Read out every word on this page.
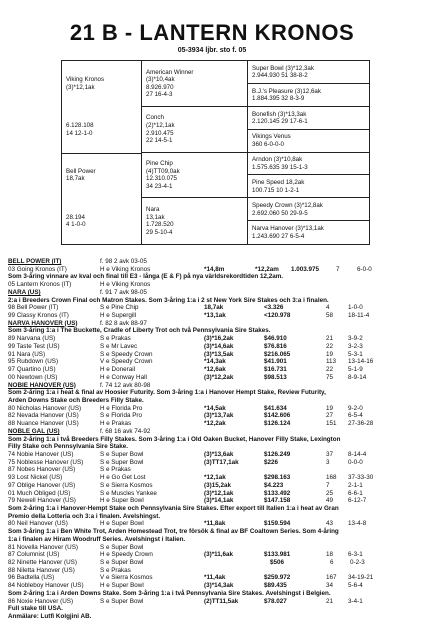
21 B - LANTERN KRONOS
05-3934 ljbr. sto f. 05
Viking Kronos
(3)*12,1ak
6.128.108
14 12-1-0
Bell Power
18,7ak
28.194
4 1-0-0
American Winner
(3)*10,4ak
8.926.970
27 16-4-3
Conch
(2)*12,1ak
2.910.475
22 14-5-1
Pine Chip
(4)TT09,0ak
12.310.075
34 23-4-1
Nara
13,1ak
1.728.520
29 5-10-4
Super Bowl (3)*12,3ak
2.944.930 51 38-8-2
B.J.'s Pleasure (3)12,6ak
1.884.395 32 8-3-9
Bonefish (3)*13,3ak
2.120.145 29 17-6-1
Vikings Venus
360 6-0-0-0
Arndon (3)*10,8ak
1.575.635 39 15-1-3
Pine Speed 18,2ak
100.715 10 1-2-1
Speedy Crown (3)*12,8ak
2.692.060 50 29-9-5
Narva Hanover (3)*13,1ak
1.243.690 27 6-5-4
BELL POWER (IT)	f. 98 2 avk 03-05
03 Going Kronos (IT)	H e Viking Kronos	*14,8m	*12,2am 1.003.975	7	6-0-0
Som 3-åring vinnare av kval och final till E3 - långa (E & F) på nya världsrekordtiden 12,2am.
05 Lantern Kronos (IT)	H e Viking Kronos
NARA (US)	f. 91 7 avk 98-05
2:a i Breeders Crown Final och Matron Stakes. Som 3-åring 1:a i 2 st New York Sire Stakes och 3:a i finalen.
98 Bell Power (IT)	S e Pine Chip	18,7ak	<3.326	4	1-0-0
99 Classy Kronos (IT)	H e Supergill	*13,1ak	<120.978	58 18-11-4
NARVA HANOVER (US)	f. 82 8 avk 88-97
Som 3-åring 1:a i The Buckette, Cradle of Liberty Trot och två Pennsylvania Sire Stakes.
89 Narvana (US)	S e Prakas	(3)*16,2ak	$46.910	21 3-9-2
99 Taste Test (US)	S e Mr Lavec	(3)*14,6ak	$76.816	22 3-2-3
91 Nara (US)	S e Speedy Crown	(3)*13,5ak	$216.065	19 5-3-1
95 Rubdown (US)	V e Speedy Crown	*14,3ak	$41.901	113 13-14-16
97 Quartino (US)	H e Donerail	*12,6ak	$16.731	22 5-1-9
00 Newtown (US)	H e Conway Hall	(3)*12,2ak	$98.513	75 8-9-14
NOBIE HANOVER (US)	f. 74 12 avk 80-98
Som 2-åring 1:a i heat & final av Hoosier Futurity. Som 3-åring 1:a i Hanover Hempt Stake, Review Futurity,
Arden Downs Stake och Breeders Filly Stake.
80 Nicholas Hanover (US)	H e Florida Pro	*14,5ak	$41.634	19 9-2-0
82 Nevada Hanover (US)	S e Florida Pro	(3)*13,7ak	$142.606	27 6-5-4
88 Nuance Hanover (US)	H e Prakas	*12,2ak	$126.124	151 27-36-28
NOBLE GAL (US)	f. 68 16 avk 74-92
Som 2-åring 1:a i två Breeders Filly Stakes. Som 3-åring 1:a i Old Oaken Bucket, Hanover Filly Stake, Lexington
Filly Stake och Pennsylvania Sire Stake.
74 Nobie Hanover (US)	S e Super Bowl	(3)*13,6ak	$126.249	37 8-14-4
75 Noblesse Hanover (US)	S e Super Bowl	(3)TT17,1ak	$226	3	0-0-0
87 Nobes Hanover (US)	S e Prakas
93 Lost Nickel (US)	H e Go Get Lost	*12,1ak	$298.163	168 37-33-30
97 Oblige Hanover (US)	S e Sierra Kosmos	(3)15,2ak	$4.223	7	2-1-1
01 Much Obliged (US)	S e Muscles Yankee	(3)*12,1ak	$133.492	25 6-6-1
79 Newell Hanover (US)	H e Super Bowl	(3)*14,1ak	$147.158	49 6-12-7
Som 2-åring 1:a i Hanover-Hempt Stake och Pennsylvania Sire Stakes. Efter export till Italien 1:a i heat av Gran
Premio della Lotteria och 3:a i finalen. Avelshingst.
80 Neil Hanover (US)	H e Super Bowl	*11,8ak	$159.594	43 13-4-8
Som 3-åring 1:a i Ben White Trot, Arden Homestead Trot, tre försök & final av BF Coaltown Series. Som 4-åring
1:a i finalen av Hiram Woodruff Series. Avelshingst i Italien.
81 Novella Hanover (US)	S e Super Bowl
87 Columnist (US)	H e Speedy Crown	(3)*11,6ak	$133.981	18 6-3-1
82 Ninette Hanover (US)	S e Super Bowl	$506	6	0-2-3
88 Niletta Hanover (US)	S e Prakas
96 Badtella (US)	V e Sierra Kosmos	*11,4ak	$259.972	167 34-19-21
84 Nobleboy Hanover (US)	H e Super Bowl	(3)*14,3ak	$89.435	34 5-6-4
Som 2-åring 1:a i Arden Downs Stake. Som 3-åring 1:a i två Pennsylvania Sire Stakes. Avelshingst i Belgien.
86 Noxie Hanover (US)	S e Super Bowl	(2)TT11,5ak	$78.027	21 3-4-1
Full stake till USA.
Anmälare: Lutfi Kolgjini AB.
